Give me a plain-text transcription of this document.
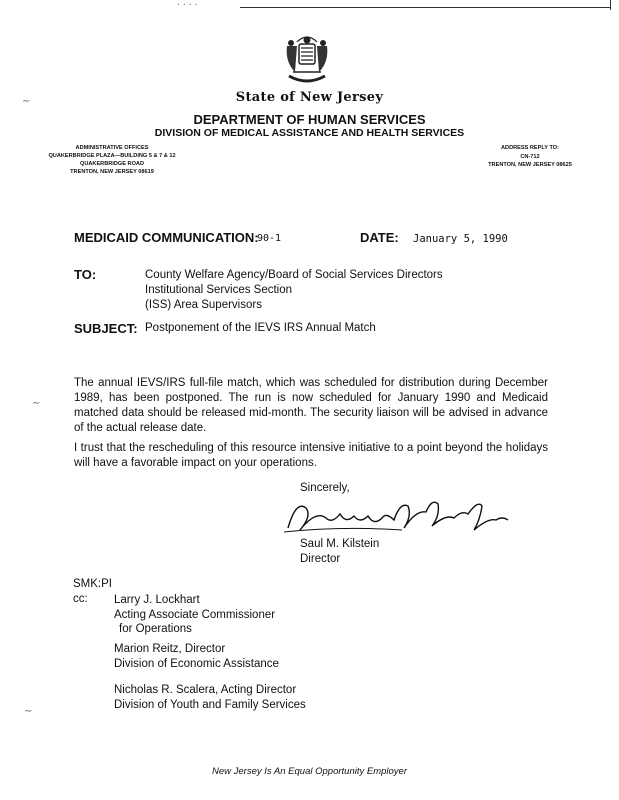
····
State of New Jersey
DEPARTMENT OF HUMAN SERVICES
DIVISION OF MEDICAL ASSISTANCE AND HEALTH SERVICES
ADMINISTRATIVE OFFICES
QUAKERBRIDGE PLAZA—BUILDING 5 & 7 & 12
QUAKERBRIDGE ROAD
TRENTON, NEW JERSEY 08619
ADDRESS REPLY TO:
CN-712
TRENTON, NEW JERSEY 08625
MEDICAID COMMUNICATION:
90-1	DATE: January 5, 1990
TO:	County Welfare Agency/Board of Social Services Directors
Institutional Services Section
(ISS) Area Supervisors
SUBJECT: Postponement of the IEVS IRS Annual Match
The annual IEVS/IRS full-file match, which was scheduled for distribution during December 1989, has been postponed. The run is now scheduled for January 1990 and Medicaid matched data should be released mid-month. The security liaison will be advised in advance of the actual release date.
I trust that the rescheduling of this resource intensive initiative to a point beyond the holidays will have a favorable impact on your operations.
Sincerely,
Saul M. Kilstein
Director
SMK:PI
cc: Larry J. Lockhart
Acting Associate Commissioner
for Operations
Marion Reitz, Director
Division of Economic Assistance
Nicholas R. Scalera, Acting Director
Division of Youth and Family Services
New Jersey Is An Equal Opportunity Employer
∼
∼
∼
